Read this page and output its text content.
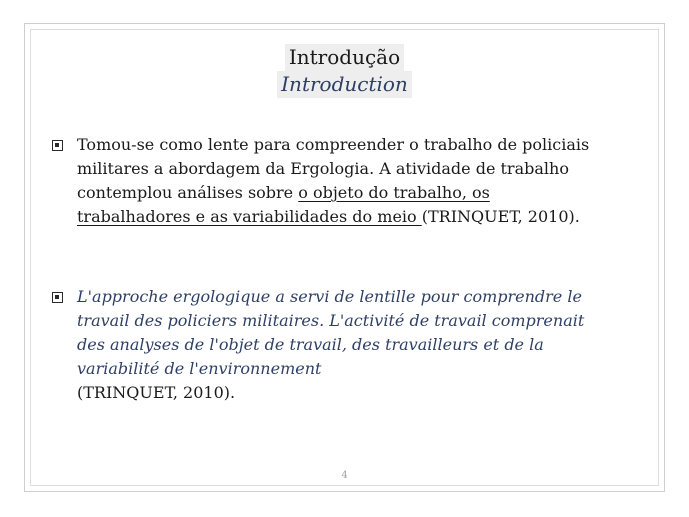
Introdução
Introduction
Tomou-se como lente para compreender o trabalho de policiais militares a abordagem da Ergologia. A atividade de trabalho contemplou análises sobre o objeto do trabalho, os trabalhadores e as variabilidades do meio (TRINQUET, 2010).
L'approche ergologique a servi de lentille pour comprendre le travail des policiers militaires. L'activité de travail comprenait des analyses de l'objet de travail, des travailleurs et de la variabilité de l'environnement
(TRINQUET, 2010).
4
